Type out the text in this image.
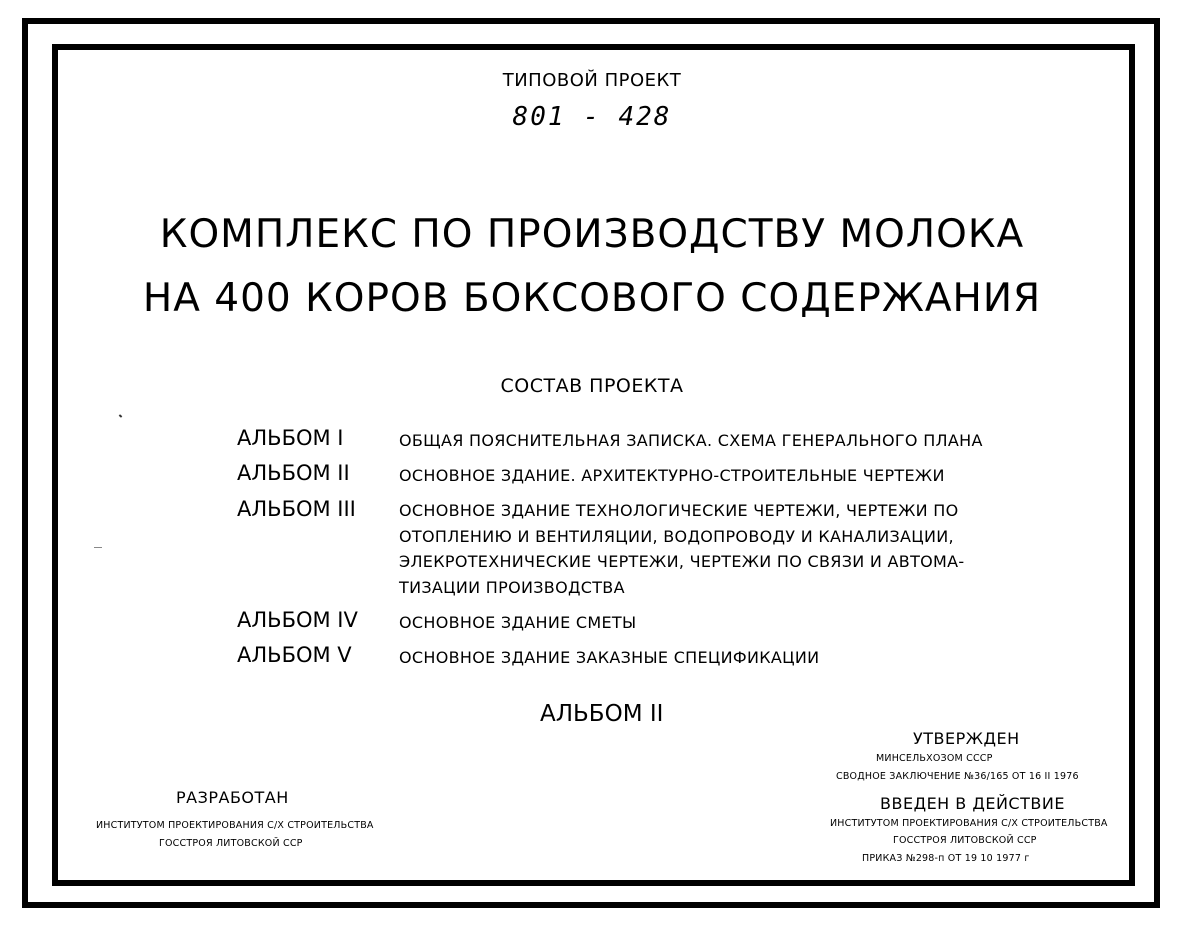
ТИПОВОЙ ПРОЕКТ
801 - 428
КОМПЛЕКС ПО ПРОИЗВОДСТВУ МОЛОКА
НА 400 КОРОВ БОКСОВОГО СОДЕРЖАНИЯ
СОСТАВ ПРОЕКТА
АЛЬБОМ I	ОБЩАЯ ПОЯСНИТЕЛЬНАЯ ЗАПИСКА. СХЕМА ГЕНЕРАЛЬНОГО ПЛАНА
АЛЬБОМ II	ОСНОВНОЕ ЗДАНИЕ. АРХИТЕКТУРНО-СТРОИТЕЛЬНЫЕ ЧЕРТЕЖИ
АЛЬБОМ III	ОСНОВНОЕ ЗДАНИЕ ТЕХНОЛОГИЧЕСКИЕ ЧЕРТЕЖИ, ЧЕРТЕЖИ ПО
ОТОПЛЕНИЮ И ВЕНТИЛЯЦИИ, ВОДОПРОВОДУ И КАНАЛИЗАЦИИ,
ЭЛЕКРОТЕХНИЧЕСКИЕ ЧЕРТЕЖИ, ЧЕРТЕЖИ ПО СВЯЗИ И АВТОМА-
ТИЗАЦИИ ПРОИЗВОДСТВА
АЛЬБОМ IV	ОСНОВНОЕ ЗДАНИЕ СМЕТЫ
АЛЬБОМ V	ОСНОВНОЕ ЗДАНИЕ ЗАКАЗНЫЕ СПЕЦИФИКАЦИИ
АЛЬБОМ II
РАЗРАБОТАН
ИНСТИТУТОМ ПРОЕКТИРОВАНИЯ С/Х СТРОИТЕЛЬСТВА
ГОССТРОЯ ЛИТОВСКОЙ ССР
УТВЕРЖДЕН
МИНСЕЛЬХОЗОМ СССР
СВОДНОЕ ЗАКЛЮЧЕНИЕ №36/165 ОТ 16 II 1976
ВВЕДЕН В ДЕЙСТВИЕ
ИНСТИТУТОМ ПРОЕКТИРОВАНИЯ С/Х СТРОИТЕЛЬСТВА
ГОССТРОЯ ЛИТОВСКОЙ ССР
ПРИКАЗ №298-п ОТ 19 10 1977 г
